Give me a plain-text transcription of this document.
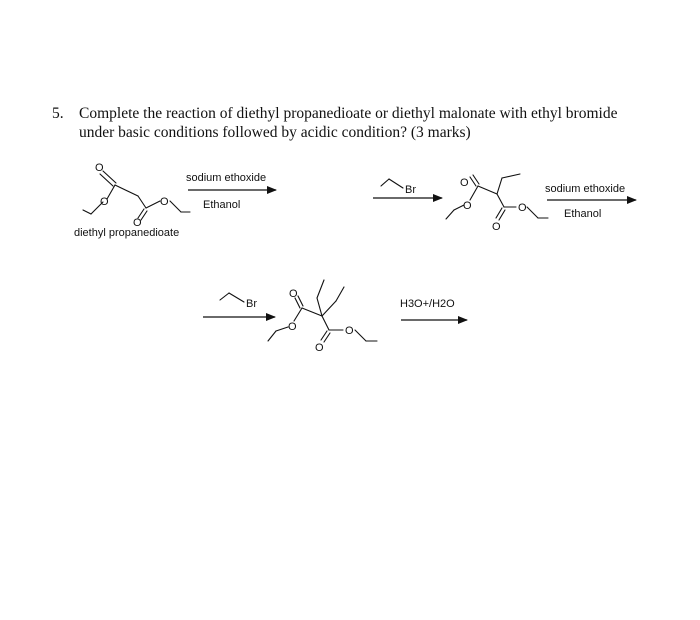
5. Complete the reaction of diethyl propanedioate or diethyl malonate with ethyl bromide
under basic conditions followed by acidic condition? (3 marks)
O
O
O
O
diethyl propanedioate
sodium ethoxide
Ethanol
Br
O
O
O
O
sodium ethoxide
Ethanol
Br
O
O
O
O
H3O+/H2O
